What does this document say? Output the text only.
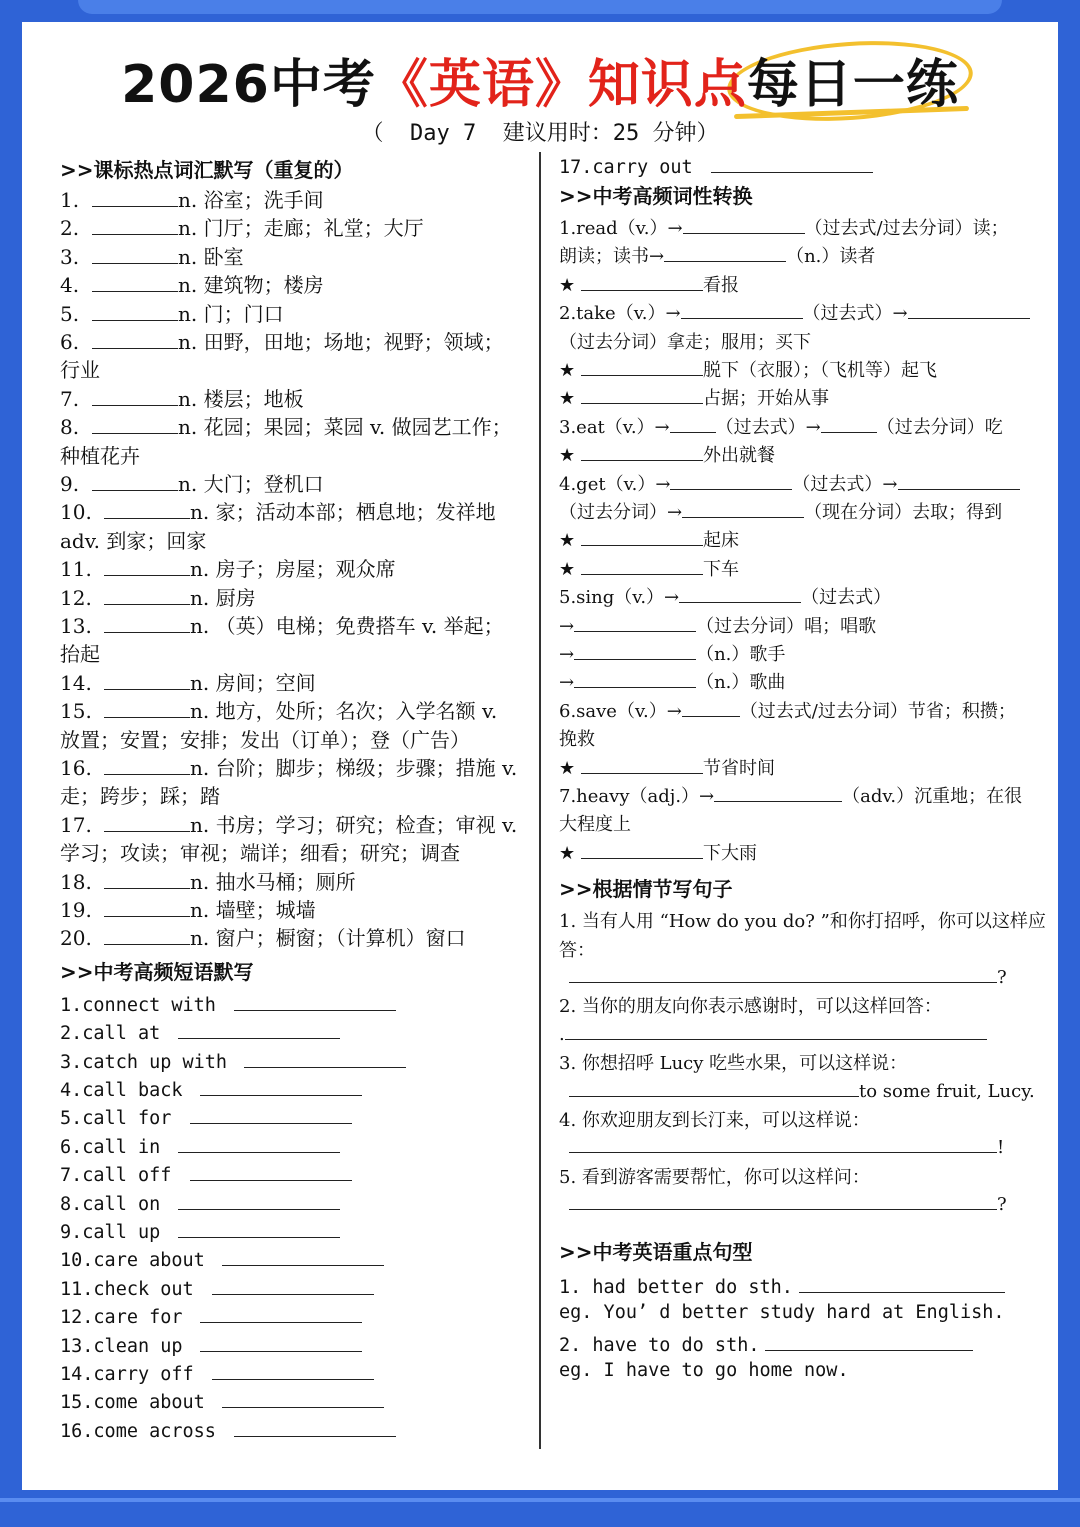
2026中考《英语》知识点每日一练
（  Day 7  建议用时：25 分钟）
>>课标热点词汇默写（重复的）
1.	n. 浴室；洗手间
2.	n. 门厅；走廊；礼堂；大厅
3.	n. 卧室
4.	n. 建筑物；楼房
5.	n. 门；门口
6.	n. 田野，田地；场地；视野；领域；
行业
7.	n. 楼层；地板
8.	n. 花园；果园；菜园 v. 做园艺工作；
种植花卉
9.	n. 大门；登机口
10.	n. 家；活动本部；栖息地；发祥地
adv. 到家；回家
11.	n. 房子；房屋；观众席
12.	n. 厨房
13.	n. （英）电梯；免费搭车 v. 举起；
抬起
14.	n. 房间；空间
15.	n. 地方，处所；名次；入学名额 v.
放置；安置；安排；发出（订单）；登（广告）
16.	n. 台阶；脚步；梯级；步骤；措施 v.
走；跨步；踩；踏
17.	n. 书房；学习；研究；检查；审视 v.
学习；攻读；审视；端详；细看；研究；调查
18.	n. 抽水马桶；厕所
19.	n. 墙壁；城墙
20.	n. 窗户；橱窗；（计算机）窗口
>>中考高频短语默写
1.connect with
2.call at
3.catch up with
4.call back
5.call for
6.call in
7.call off
8.call on
9.call up
10.care about
11.check out
12.care for
13.clean up
14.carry off
15.come about
16.come across
17.carry out
>>中考高频词性转换
1.read（v.）→	（过去式/过去分词）读；
朗读；读书→	（n.）读者
★	看报
2.take（v.）→	（过去式）→
（过去分词）拿走；服用；买下
★	脱下（衣服）；（飞机等）起飞
★	占据；开始从事
3.eat（v.）→	（过去式）→	（过去分词）吃
★	外出就餐
4.get（v.）→	（过去式）→
（过去分词）→	（现在分词）去取；得到
★	起床
★	下车
5.sing（v.）→	（过去式）
→	（过去分词）唱；唱歌
→	（n.）歌手
→	（n.）歌曲
6.save（v.）→	（过去式/过去分词）节省；积攒；
挽救
★	节省时间
7.heavy（adj.）→	（adv.）沉重地；在很
大程度上
★	下大雨
>>根据情节写句子
1. 当有人用 “How do you do? ”和你打招呼，你可以这样应
答：
?
2. 当你的朋友向你表示感谢时，可以这样回答：
.
3. 你想招呼 Lucy 吃些水果，可以这样说：
to some fruit, Lucy.
4. 你欢迎朋友到长汀来，可以这样说：
!
5. 看到游客需要帮忙，你可以这样问：
?
>>中考英语重点句型
1. had better do sth.
eg. You’ d better study hard at English.
2. have to do sth.
eg. I have to go home now.
